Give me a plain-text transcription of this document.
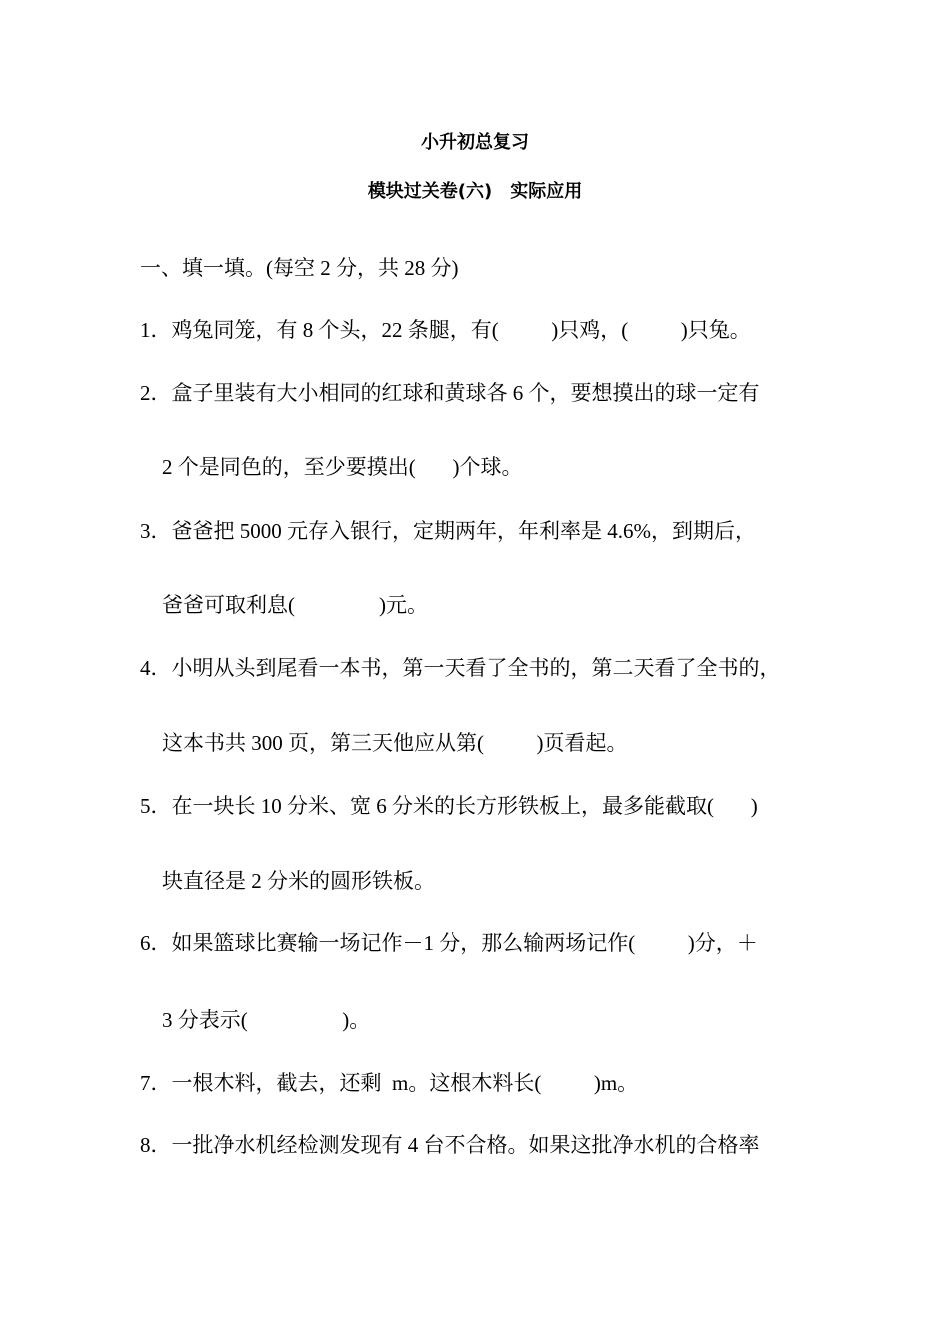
小升初总复习
模块过关卷(六)　实际应用
一、填一填。(每空 2 分，共 28 分)
1．鸡兔同笼，有 8 个头，22 条腿，有(          )只鸡，(          )只兔。
2．盒子里装有大小相同的红球和黄球各 6 个，要想摸出的球一定有
2 个是同色的，至少要摸出(       )个球。
3．爸爸把 5000 元存入银行，定期两年，年利率是 4.6%，到期后，
爸爸可取利息(                )元。
4．小明从头到尾看一本书，第一天看了全书的，第二天看了全书的，
这本书共 300 页，第三天他应从第(          )页看起。
5．在一块长 10 分米、宽 6 分米的长方形铁板上，最多能截取(       )
块直径是 2 分米的圆形铁板。
6．如果篮球比赛输一场记作－1 分，那么输两场记作(          )分，＋
3 分表示(                  )。
7．一根木料，截去，还剩  m。这根木料长(          )m。
8．一批净水机经检测发现有 4 台不合格。如果这批净水机的合格率
